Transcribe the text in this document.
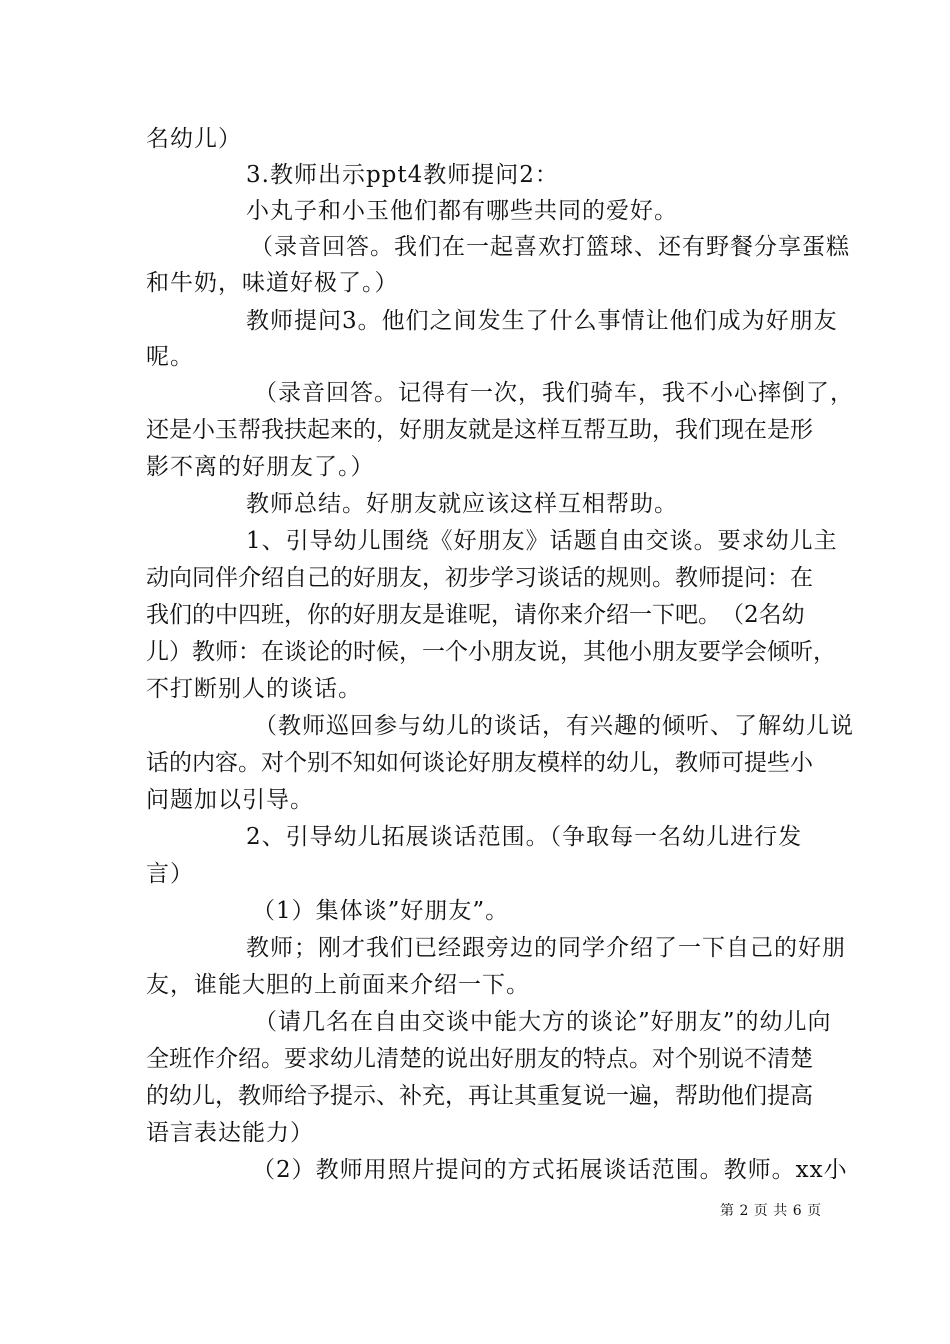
名幼儿）
3.教师出示ppt4教师提问2：
小丸子和小玉他们都有哪些共同的爱好。
（录音回答。我们在一起喜欢打篮球、还有野餐分享蛋糕
和牛奶，味道好极了。）
教师提问3。他们之间发生了什么事情让他们成为好朋友
呢。
（录音回答。记得有一次，我们骑车，我不小心摔倒了，
还 是 小 玉 帮 我 扶 起 来 的 ， 好 朋 友 就 是 这 样 互 帮 互 助 ， 我 们 现 在 是 形
影不离的好朋友了。）
教师总结。好朋友就应该这样互相帮助。
1、引导幼儿围绕《好朋友》话题自由交谈。要求幼儿主
动 向 同 伴 介 绍 自 己 的 好 朋 友 ， 初 步 学 习 谈 话 的 规 则 。 教 师 提 问 ： 在
我 们 的 中 四 班 ， 你 的 好 朋 友 是 谁 呢 ， 请 你 来 介 绍 一 下 吧 。 （ 2 名 幼
儿 ） 教 师 ： 在 谈 论 的 时 候 ， 一 个 小 朋 友 说 ， 其 他 小 朋 友 要 学 会 倾 听 ，
不打断别人的谈话。
（教师巡回参与幼儿的谈话，有兴趣的倾听、了解幼儿说
话 的 内 容 。 对 个 别 不 知 如 何 谈 论 好 朋 友 模 样 的 幼 儿 ， 教 师 可 提 些 小
问题加以引导。
2、引导幼儿拓展谈话范围。（争取每一名幼儿进行发
言）
（1）集体谈”好朋友”。
教师；刚才我们已经跟旁边的同学介绍了一下自己的好朋
友，谁能大胆的上前面来介绍一下。
（请几名在自由交谈中能大方的谈论”好朋友”的幼儿向
全 班 作 介 绍 。 要 求 幼 儿 清 楚 的 说 出 好 朋 友 的 特 点 。 对 个 别 说 不 清 楚
的 幼 儿 ， 教 师 给 予 提 示 、 补 充 ， 再 让 其 重 复 说 一 遍 ， 帮 助 他 们 提 高
语言表达能力）
（2）教师用照片提问的方式拓展谈话范围。教师。xx小
第 2 页 共 6 页
